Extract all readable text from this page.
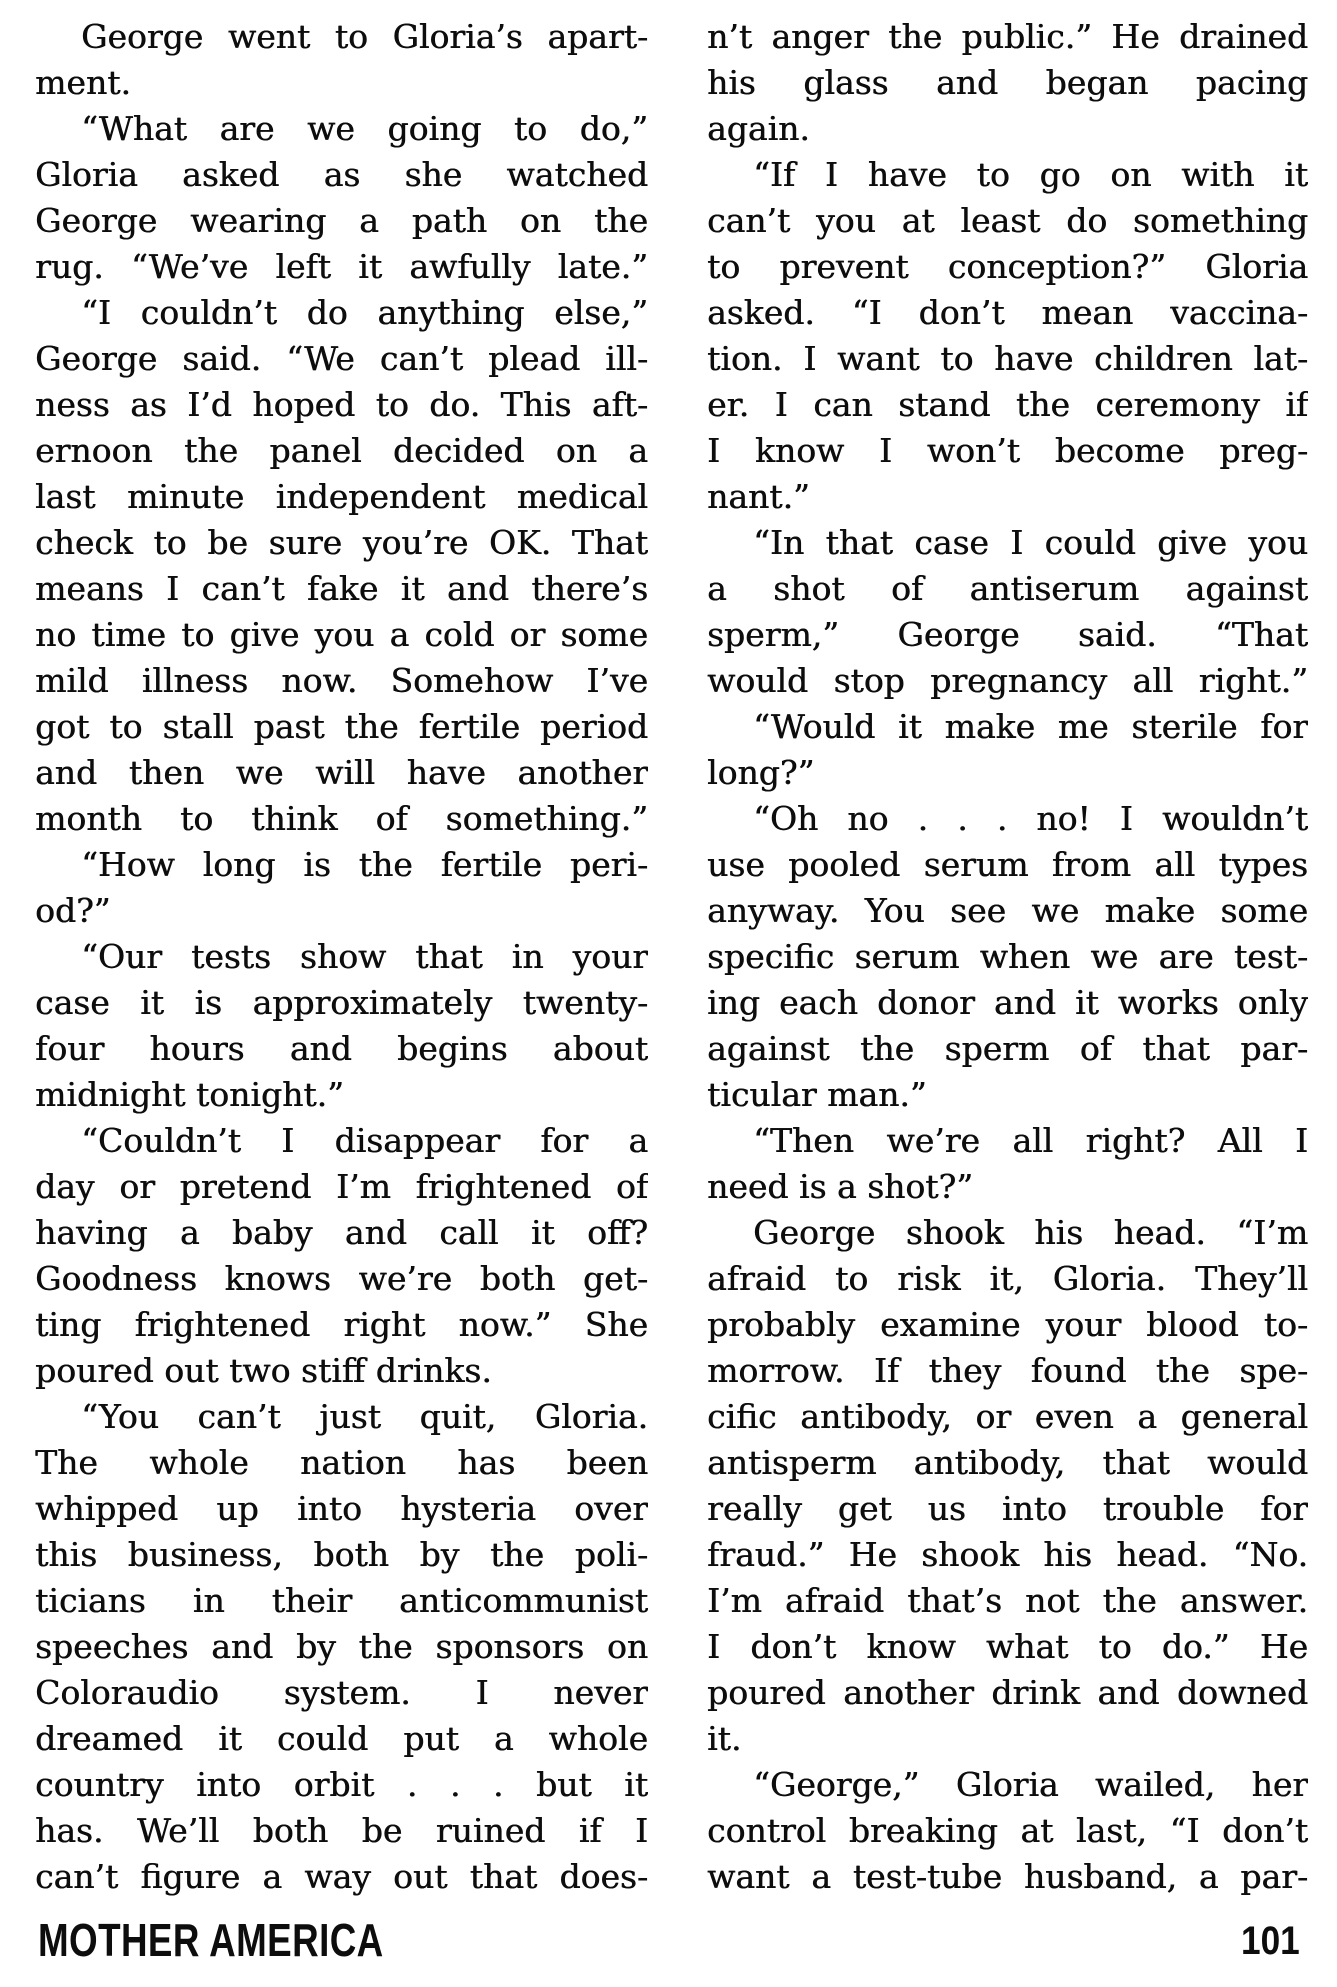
George went to Gloria’s apart-
ment.
“What are we going to do,”
Gloria asked as she watched
George wearing a path on the
rug. “We’ve left it awfully late.”
“I couldn’t do anything else,”
George said. “We can’t plead ill-
ness as I’d hoped to do. This aft-
ernoon the panel decided on a
last minute independent medical
check to be sure you’re OK. That
means I can’t fake it and there’s
no time to give you a cold or some
mild illness now. Somehow I’ve
got to stall past the fertile period
and then we will have another
month to think of something.”
“How long is the fertile peri-
od?”
“Our tests show that in your
case it is approximately twenty-
four hours and begins about
midnight tonight.”
“Couldn’t I disappear for a
day or pretend I’m frightened of
having a baby and call it off?
Goodness knows we’re both get-
ting frightened right now.” She
poured out two stiff drinks.
“You can’t just quit, Gloria.
The whole nation has been
whipped up into hysteria over
this business, both by the poli-
ticians in their anticommunist
speeches and by the sponsors on
Coloraudio system. I never
dreamed it could put a whole
country into orbit . . . but it
has. We’ll both be ruined if I
can’t figure a way out that does-
n’t anger the public.” He drained
his glass and began pacing
again.
“If I have to go on with it
can’t you at least do something
to prevent conception?” Gloria
asked. “I don’t mean vaccina-
tion. I want to have children lat-
er. I can stand the ceremony if
I know I won’t become preg-
nant.”
“In that case I could give you
a shot of antiserum against
sperm,” George said. “That
would stop pregnancy all right.”
“Would it make me sterile for
long?”
“Oh no . . . no! I wouldn’t
use pooled serum from all types
anyway. You see we make some
specific serum when we are test-
ing each donor and it works only
against the sperm of that par-
ticular man.”
“Then we’re all right? All I
need is a shot?”
George shook his head. “I’m
afraid to risk it, Gloria. They’ll
probably examine your blood to-
morrow. If they found the spe-
cific antibody, or even a general
antisperm antibody, that would
really get us into trouble for
fraud.” He shook his head. “No.
I’m afraid that’s not the answer.
I don’t know what to do.” He
poured another drink and downed
it.
“George,” Gloria wailed, her
control breaking at last, “I don’t
want a test-tube husband, a par-
MOTHER AMERICA	101
